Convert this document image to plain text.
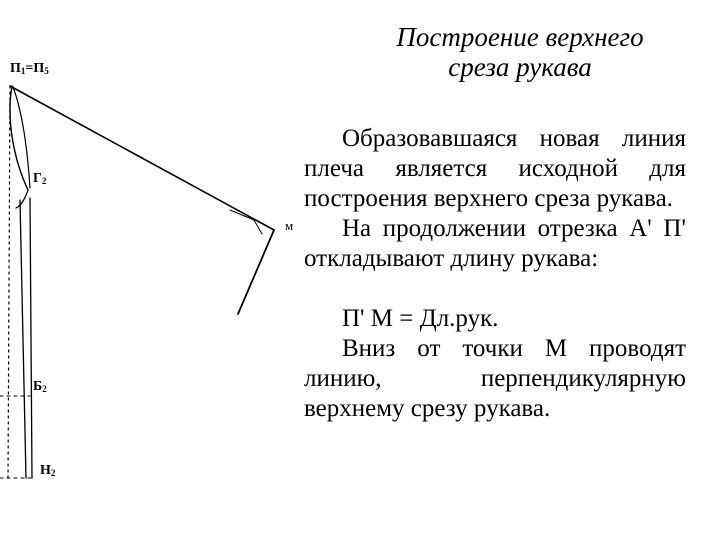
$П_1=П_5$
$Г_2$
$Б_2$
$Н_2$
м
Построение верхнего
среза рукава
Образовавшаяся новая линия плеча является исходной для построения верхнего среза рукава.
На продолжении отрезка А' П' откладывают длину рукава:
П' М = Дл.рук.
Вниз от точки М проводят линию, перпендикулярную верхнему срезу рукава.
